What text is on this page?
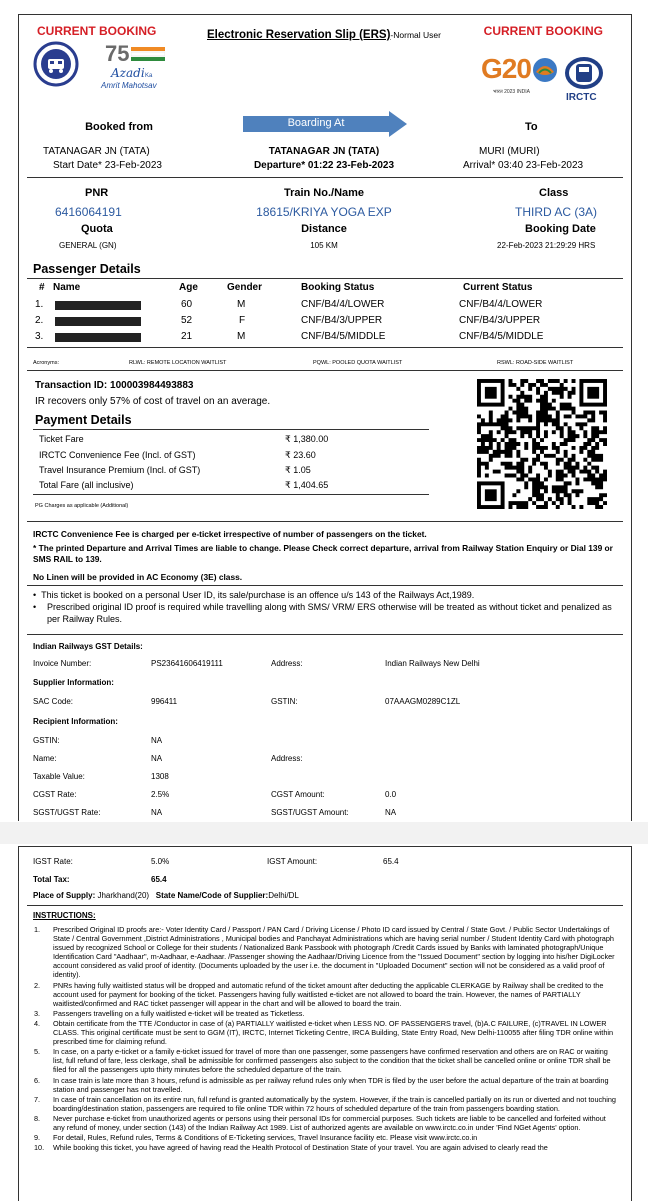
CURRENT BOOKING	CURRENT BOOKING
Electronic Reservation Slip (ERS)-Normal User
75
Azadi Ka
Amrit Mahotsav
G20
भारत 2023 INDIA	IRCTC
Booked from	Boarding At	To
TATANAGAR JN (TATA)	TATANAGAR JN (TATA)	MURI (MURI)
Start Date* 23-Feb-2023	Departure* 01:22 23-Feb-2023	Arrival* 03:40 23-Feb-2023
PNR	Train No./Name	Class
6416064191	18615/KRIYA YOGA EXP	THIRD AC (3A)
Quota	Distance	Booking Date
GENERAL (GN)	105 KM	22-Feb-2023 21:29:29 HRS
Passenger Details
# Name	Age	Gender	Booking Status	Current Status
1.	60	M	CNF/B4/4/LOWER	CNF/B4/4/LOWER
2.	52	F	CNF/B4/3/UPPER	CNF/B4/3/UPPER
3.	21	M	CNF/B4/5/MIDDLE	CNF/B4/5/MIDDLE
Acronyms:	RLWL: REMOTE LOCATION WAITLIST	PQWL: POOLED QUOTA WAITLIST	RSWL: ROAD-SIDE WAITLIST
Transaction ID: 100003984493883
IR recovers only 57% of cost of travel on an average.
Payment Details
Ticket Fare	₹ 1,380.00
IRCTC Convenience Fee (Incl. of GST)	₹ 23.60
Travel Insurance Premium (Incl. of GST)	₹ 1.05
Total Fare (all inclusive)	₹ 1,404.65
PG Charges as applicable (Additional)
IRCTC Convenience Fee is charged per e-ticket irrespective of number of passengers on the ticket.
* The printed Departure and Arrival Times are liable to change. Please Check correct departure, arrival from Railway Station Enquiry or Dial 139 or SMS RAIL to 139.
No Linen will be provided in AC Economy (3E) class.
• This ticket is booked on a personal User ID, its sale/purchase is an offence u/s 143 of the Railways Act,1989.
•	Prescribed original ID proof is required while travelling along with SMS/ VRM/ ERS otherwise will be treated as without ticket and penalized as per Railway Rules.
Indian Railways GST Details:
Invoice Number:	PS23641606419111	Address:	Indian Railways New Delhi
Supplier Information:
SAC Code:	996411	GSTIN:	07AAAGM0289C1ZL
Recipient Information:
GSTIN:	NA
Name:	NA	Address:
Taxable Value:	1308
CGST Rate:	2.5%	CGST Amount:	0.0
SGST/UGST Rate:	NA	SGST/UGST Amount:	NA
IGST Rate:	5.0%	IGST Amount:	65.4
Total Tax:	65.4
Place of Supply: Jharkhand(20) State Name/Code of Supplier:Delhi/DL
INSTRUCTIONS:
1. Prescribed Original ID proofs are:- Voter Identity Card / Passport / PAN Card / Driving License / Photo ID card issued by Central / State Govt. / Public Sector Undertakings of State / Central Government ,District Administrations , Municipal bodies and Panchayat Administrations which are having serial number / Student Identity Card with photograph issued by recognized School or College for their students / Nationalized Bank Passbook with photograph /Credit Cards issued by Banks with laminated photograph/Unique Identification Card "Aadhaar", m-Aadhaar, e-Aadhaar. /Passenger showing the Aadhaar/Driving Licence from the "Issued Document" section by logging into his/her DigiLocker account considered as valid proof of identity. (Documents uploaded by the user i.e. the document in "Uploaded Document" section will not be considered as a valid proof of identity).
2. PNRs having fully waitlisted status will be dropped and automatic refund of the ticket amount after deducting the applicable CLERKAGE by Railway shall be credited to the account used for payment for booking of the ticket. Passengers having fully waitlisted e-ticket are not allowed to board the train. However, the names of PARTIALLY waitlisted/confirmed and RAC ticket passenger will appear in the chart and will be allowed to board the train.
3. Passengers travelling on a fully waitlisted e-ticket will be treated as Ticketless.
4. Obtain certificate from the TTE /Conductor in case of (a) PARTIALLY waitlisted e-ticket when LESS NO. OF PASSENGERS travel, (b)A.C FAILURE, (c)TRAVEL IN LOWER CLASS. This original certificate must be sent to GGM (IT), IRCTC, Internet Ticketing Centre, IRCA Building, State Entry Road, New Delhi-110055 after filing TDR online within prescribed time for claiming refund.
5. In case, on a party e-ticket or a family e-ticket issued for travel of more than one passenger, some passengers have confirmed reservation and others are on RAC or waiting list, full refund of fare, less clerkage, shall be admissible for confirmed passengers also subject to the condition that the ticket shall be cancelled online or online TDR shall be filed for all the passengers upto thirty minutes before the scheduled departure of the train.
6. In case train is late more than 3 hours, refund is admissible as per railway refund rules only when TDR is filed by the user before the actual departure of the train at boarding station and passenger has not travelled.
7. In case of train cancellation on its entire run, full refund is granted automatically by the system. However, if the train is cancelled partially on its run or diverted and not touching boarding/destination station, passengers are required to file online TDR within 72 hours of scheduled departure of the train from passengers boarding station.
8. Never purchase e-ticket from unauthorized agents or persons using their personal IDs for commercial purposes. Such tickets are liable to be cancelled and forfeited without any refund of money, under section (143) of the Indian Railway Act 1989. List of authorized agents are available on www.irctc.co.in under 'Find NGet Agents' option.
9. For detail, Rules, Refund rules, Terms & Conditions of E-Ticketing services, Travel Insurance facility etc. Please visit www.irctc.co.in
10. While booking this ticket, you have agreed of having read the Health Protocol of Destination State of your travel. You are again advised to clearly read the
